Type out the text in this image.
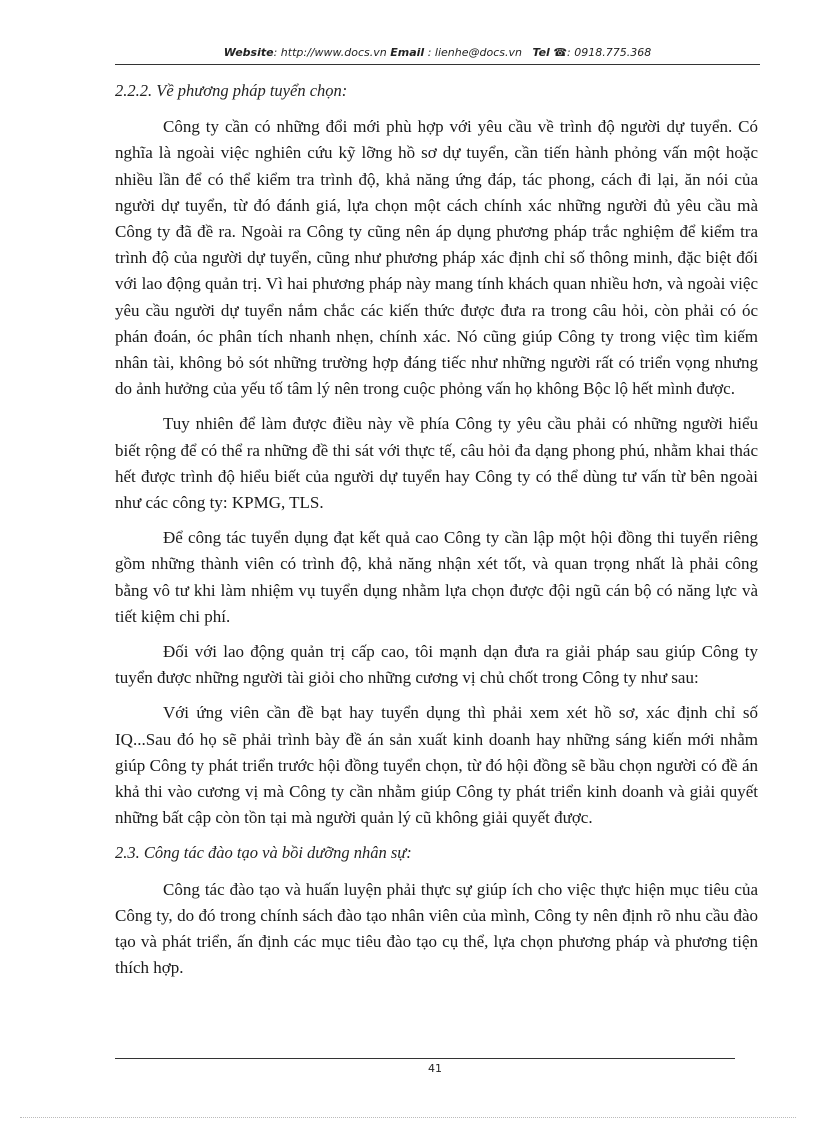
Website: http://www.docs.vn Email : lienhe@docs.vn Tel ☎: 0918.775.368
2.2.2. Về phương pháp tuyển chọn:

Công ty cần có những đổi mới phù hợp với yêu cầu về trình độ người dự tuyển. Có nghĩa là ngoài việc nghiên cứu kỹ lỡng hồ sơ dự tuyển, cần tiến hành phỏng vấn một hoặc nhiều lần để có thể kiểm tra trình độ, khả năng ứng đáp, tác phong, cách đi lại, ăn nói của người dự tuyển, từ đó đánh giá, lựa chọn một cách chính xác những người đủ yêu cầu mà Công ty đã đề ra. Ngoài ra Công ty cũng nên áp dụng phương pháp trắc nghiệm để kiểm tra trình độ của người dự tuyển, cũng như phương pháp xác định chỉ số thông minh, đặc biệt đối với lao động quản trị. Vì hai phương pháp này mang tính khách quan nhiều hơn, và ngoài việc yêu cầu người dự tuyển nắm chắc các kiến thức được đưa ra trong câu hỏi, còn phải có óc phán đoán, óc phân tích nhanh nhẹn, chính xác. Nó cũng giúp Công ty trong việc tìm kiếm nhân tài, không bỏ sót những trường hợp đáng tiếc như những người rất có triển vọng nhưng do ảnh hưởng của yếu tố tâm lý nên trong cuộc phỏng vấn họ không Bộc lộ hết mình được.

Tuy nhiên để làm được điều này về phía Công ty yêu cầu phải có những người hiểu biết rộng để có thể ra những đề thi sát với thực tế, câu hỏi đa dạng phong phú, nhằm khai thác hết được trình độ hiểu biết của người dự tuyển hay Công ty có thể dùng tư vấn từ bên ngoài như các công ty: KPMG, TLS.

Để công tác tuyển dụng đạt kết quả cao Công ty cần lập một hội đồng thi tuyển riêng gồm những thành viên có trình độ, khả năng nhận xét tốt, và quan trọng nhất là phải công bằng vô tư khi làm nhiệm vụ tuyển dụng nhằm lựa chọn được đội ngũ cán bộ có năng lực và tiết kiệm chi phí.

Đối với lao động quản trị cấp cao, tôi mạnh dạn đưa ra giải pháp sau giúp Công ty tuyển được những người tài giỏi cho những cương vị chủ chốt trong Công ty như sau:

Với ứng viên cần đề bạt hay tuyển dụng thì phải xem xét hồ sơ, xác định chỉ số IQ...Sau đó họ sẽ phải trình bày đề án sản xuất kinh doanh hay những sáng kiến mới nhằm giúp Công ty phát triển trước hội đồng tuyển chọn, từ đó hội đồng sẽ bầu chọn người có đề án khả thi vào cương vị mà Công ty cần nhằm giúp Công ty phát triển kinh doanh và giải quyết những bất cập còn tồn tại mà người quản lý cũ không giải quyết được.

2.3. Công tác đào tạo và bồi dưỡng nhân sự:

Công tác đào tạo và huấn luyện phải thực sự giúp ích cho việc thực hiện mục tiêu của Công ty, do đó trong chính sách đào tạo nhân viên của mình, Công ty nên định rõ nhu cầu đào tạo và phát triển, ấn định các mục tiêu đào tạo cụ thể, lựa chọn phương pháp và phương tiện thích hợp.

41
